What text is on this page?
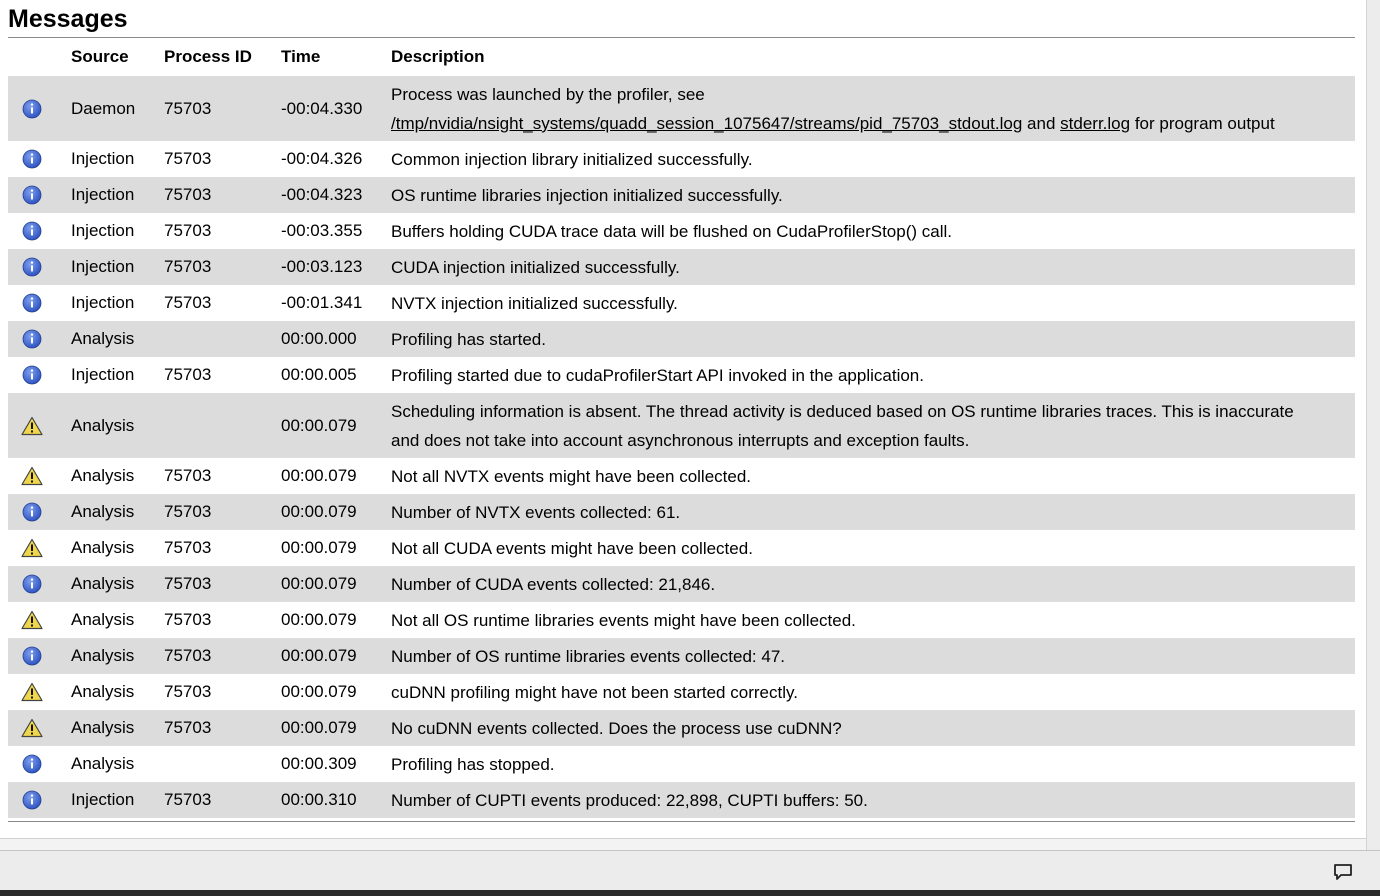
Messages
Source Process ID Time	Description
Daemon 75703	-00:04.330
Process was launched by the profiler, see
/tmp/nvidia/nsight_systems/quadd_session_1075647/streams/pid_75703_stdout.log and stderr.log for program output
Injection 75703	-00:04.326 Common injection library initialized successfully.
Injection 75703	-00:04.323 OS runtime libraries injection initialized successfully.
Injection 75703	-00:03.355 Buffers holding CUDA trace data will be flushed on CudaProfilerStop() call.
Injection 75703	-00:03.123 CUDA injection initialized successfully.
Injection 75703	-00:01.341 NVTX injection initialized successfully.
Analysis	00:00.000 Profiling has started.
Injection 75703	00:00.005 Profiling started due to cudaProfilerStart API invoked in the application.
Analysis	00:00.079
Scheduling information is absent. The thread activity is deduced based on OS runtime libraries traces. This is inaccurate and does not take into account asynchronous interrupts and exception faults.
Analysis 75703	00:00.079 Not all NVTX events might have been collected.
Analysis 75703	00:00.079 Number of NVTX events collected: 61.
Analysis 75703	00:00.079 Not all CUDA events might have been collected.
Analysis 75703	00:00.079 Number of CUDA events collected: 21,846.
Analysis 75703	00:00.079 Not all OS runtime libraries events might have been collected.
Analysis 75703	00:00.079 Number of OS runtime libraries events collected: 47.
Analysis 75703	00:00.079 cuDNN profiling might have not been started correctly.
Analysis 75703	00:00.079 No cuDNN events collected. Does the process use cuDNN?
Analysis	00:00.309 Profiling has stopped.
Injection 75703	00:00.310 Number of CUPTI events produced: 22,898, CUPTI buffers: 50.
